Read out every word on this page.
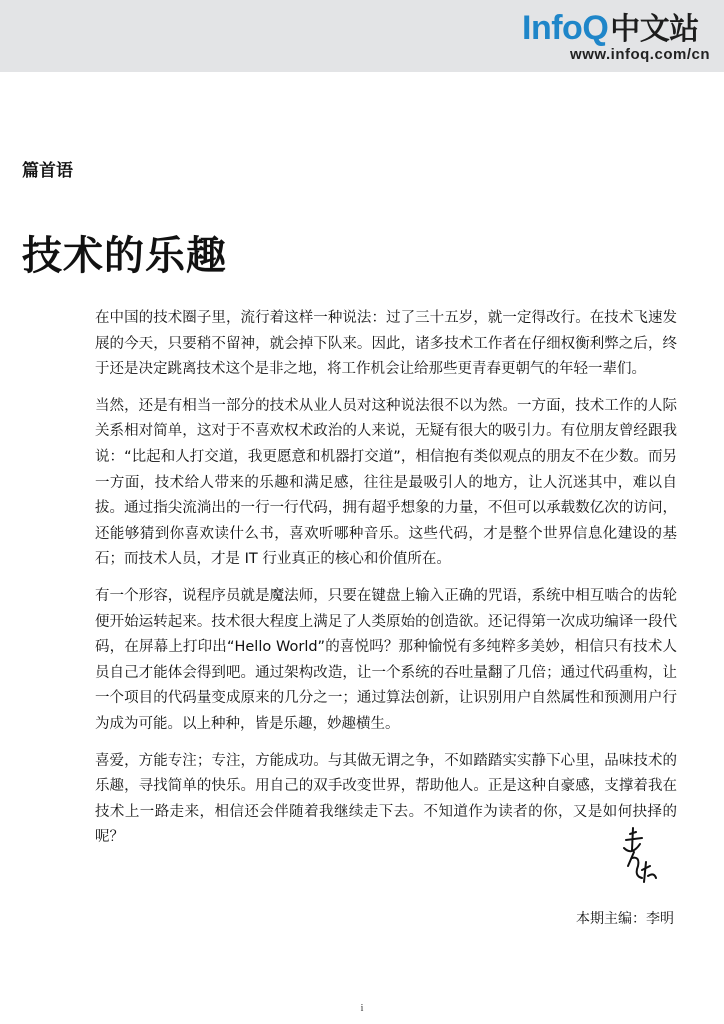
InfoQ中文站
www.infoq.com/cn
篇首语
技术的乐趣

在中国的技术圈子里，流行着这样一种说法：过了三十五岁，就一定得改行。在技术飞速发展的今天，只要稍不留神，就会掉下队来。因此，诸多技术工作者在仔细权衡利弊之后，终于还是决定跳离技术这个是非之地，将工作机会让给那些更青春更朝气的年轻一辈们。

当然，还是有相当一部分的技术从业人员对这种说法很不以为然。一方面，技术工作的人际关系相对简单，这对于不喜欢权术政治的人来说，无疑有很大的吸引力。有位朋友曾经跟我说：“比起和人打交道，我更愿意和机器打交道”，相信抱有类似观点的朋友不在少数。而另一方面，技术给人带来的乐趣和满足感，往往是最吸引人的地方，让人沉迷其中，难以自拔。通过指尖流淌出的一行一行代码，拥有超乎想象的力量，不但可以承载数亿次的访问，还能够猜到你喜欢读什么书，喜欢听哪种音乐。这些代码，才是整个世界信息化建设的基石；而技术人员，才是 IT 行业真正的核心和价值所在。

有一个形容，说程序员就是魔法师，只要在键盘上输入正确的咒语，系统中相互啮合的齿轮便开始运转起来。技术很大程度上满足了人类原始的创造欲。还记得第一次成功编译一段代码，在屏幕上打印出“Hello World”的喜悦吗？那种愉悦有多纯粹多美妙，相信只有技术人员自己才能体会得到吧。通过架构改造，让一个系统的吞吐量翻了几倍；通过代码重构，让一个项目的代码量变成原来的几分之一；通过算法创新，让识别用户自然属性和预测用户行为成为可能。以上种种，皆是乐趣，妙趣横生。

喜爱，方能专注；专注，方能成功。与其做无谓之争，不如踏踏实实静下心里，品味技术的乐趣，寻找简单的快乐。用自己的双手改变世界，帮助他人。正是这种自豪感，支撑着我在技术上一路走来，相信还会伴随着我继续走下去。不知道作为读者的你，又是如何抉择的呢？

本期主编：李明
i
